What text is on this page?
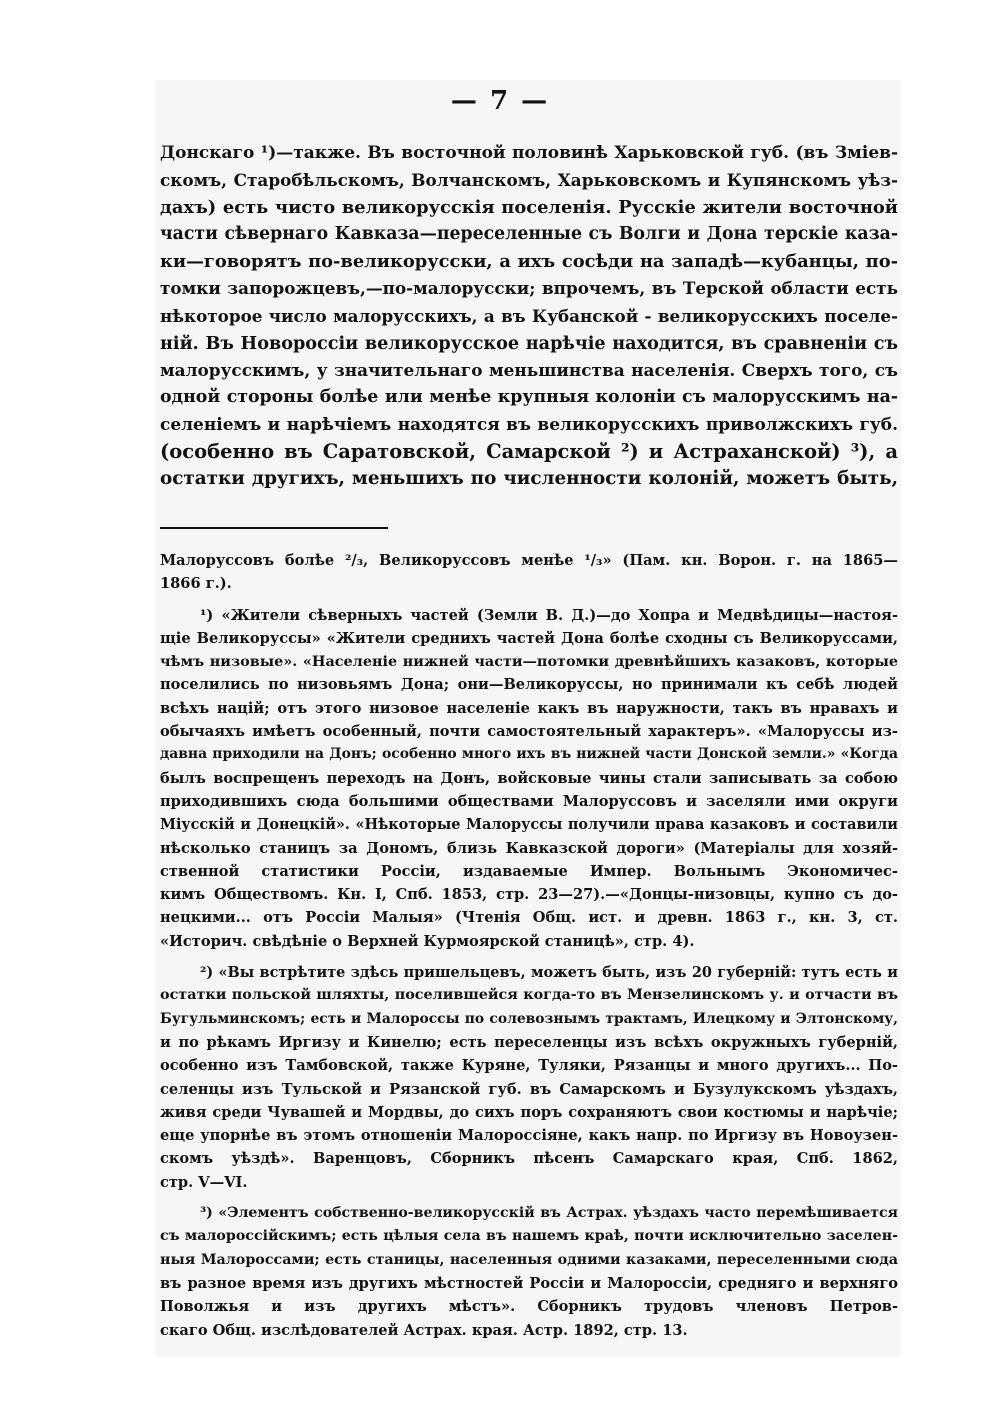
— 7 —
Донскаго ¹)—также. Въ восточной половинѣ Харьковской губ. (въ Зміев-
скомъ, Старобѣльскомъ, Волчанскомъ, Харьковскомъ и Купянскомъ уѣз-
дахъ) есть чисто великорусскія поселенія. Русскіе жители восточной
части сѣвернаго Кавказа—переселенные съ Волги и Дона терскіе каза-
ки—говорятъ по-великорусски, а ихъ сосѣди на западѣ—кубанцы, по-
томки запорожцевъ,—по-малорусски; впрочемъ, въ Терской области есть
нѣкоторое число малорусскихъ, а въ Кубанской - великорусскихъ поселе-
ній. Въ Новороссіи великорусское нарѣчіе находится, въ сравненіи съ
малорусскимъ, у значительнаго меньшинства населенія. Сверхъ того, съ
одной стороны болѣе или менѣе крупныя колоніи съ малорусскимъ на-
селеніемъ и нарѣчіемъ находятся въ великорусскихъ приволжскихъ губ.
(особенно въ Саратовской, Самарской ²) и Астраханской) ³), а
остатки другихъ, меньшихъ по численности колоній, можетъ быть,
Малоруссовъ болѣе ²/₃, Великоруссовъ менѣе ¹/₃» (Пам. кн. Ворон. г. на 1865—
1866 г.).
¹) «Жители сѣверныхъ частей (Земли В. Д.)—до Хопра и Медвѣдицы—настоя-
щіе Великоруссы» «Жители среднихъ частей Дона болѣе сходны съ Великоруссами,
чѣмъ низовые». «Населеніе нижней части—потомки древнѣйшихъ казаковъ, которые
поселились по низовьямъ Дона; они—Великоруссы, но принимали къ себѣ людей
всѣхъ націй; отъ этого низовое населеніе какъ въ наружности, такъ въ нравахъ и
обычаяхъ имѣетъ особенный, почти самостоятельный характеръ». «Малоруссы из-
давна приходили на Донъ; особенно много ихъ въ нижней части Донской земли.» «Когда
былъ воспрещенъ переходъ на Донъ, войсковые чины стали записывать за собою
приходившихъ сюда большими обществами Малоруссовъ и заселяли ими округи
Міусскій и Донецкій». «Нѣкоторые Малоруссы получили права казаковъ и составили
нѣсколько станицъ за Дономъ, близь Кавказской дороги» (Матеріалы для хозяй-
ственной статистики Россіи, издаваемые Импер. Вольнымъ Экономичес-
кимъ Обществомъ. Кн. I, Спб. 1853, стр. 23—27).—«Донцы-низовцы, купно съ до-
нецкими... отъ Россіи Малыя» (Чтенія Общ. ист. и древн. 1863 г., кн. 3, ст.
«Историч. свѣдѣніе о Верхней Курмоярской станицѣ», стр. 4).
²) «Вы встрѣтите здѣсь пришельцевъ, можетъ быть, изъ 20 губерній: тутъ есть и
остатки польской шляхты, поселившейся когда-то въ Мензелинскомъ у. и отчасти въ
Бугульминскомъ; есть и Малороссы по солевознымъ трактамъ, Илецкому и Элтонскому,
и по рѣкамъ Иргизу и Кинелю; есть переселенцы изъ всѣхъ окружныхъ губерній,
особенно изъ Тамбовской, также Куряне, Туляки, Рязанцы и много другихъ... По-
селенцы изъ Тульской и Рязанской губ. въ Самарскомъ и Бузулукскомъ уѣздахъ,
живя среди Чувашей и Мордвы, до сихъ поръ сохраняютъ свои костюмы и нарѣчіе;
еще упорнѣе въ этомъ отношеніи Малороссіяне, какъ напр. по Иргизу въ Новоузен-
скомъ уѣздѣ». Варенцовъ, Сборникъ пѣсенъ Самарскаго края, Спб. 1862,
стр. V—VI.
³) «Элементъ собственно-великорусскій въ Астрах. уѣздахъ часто перемѣшивается
съ малороссійскимъ; есть цѣлыя села въ нашемъ краѣ, почти исключительно заселен-
ныя Малороссами; есть станицы, населенныя одними казаками, переселенными сюда
въ разное время изъ другихъ мѣстностей Россіи и Малороссіи, средняго и верхняго
Поволжья и изъ другихъ мѣстъ». Сборникъ трудовъ членовъ Петров-
скаго Общ. изслѣдователей Астрах. края. Астр. 1892, стр. 13.
